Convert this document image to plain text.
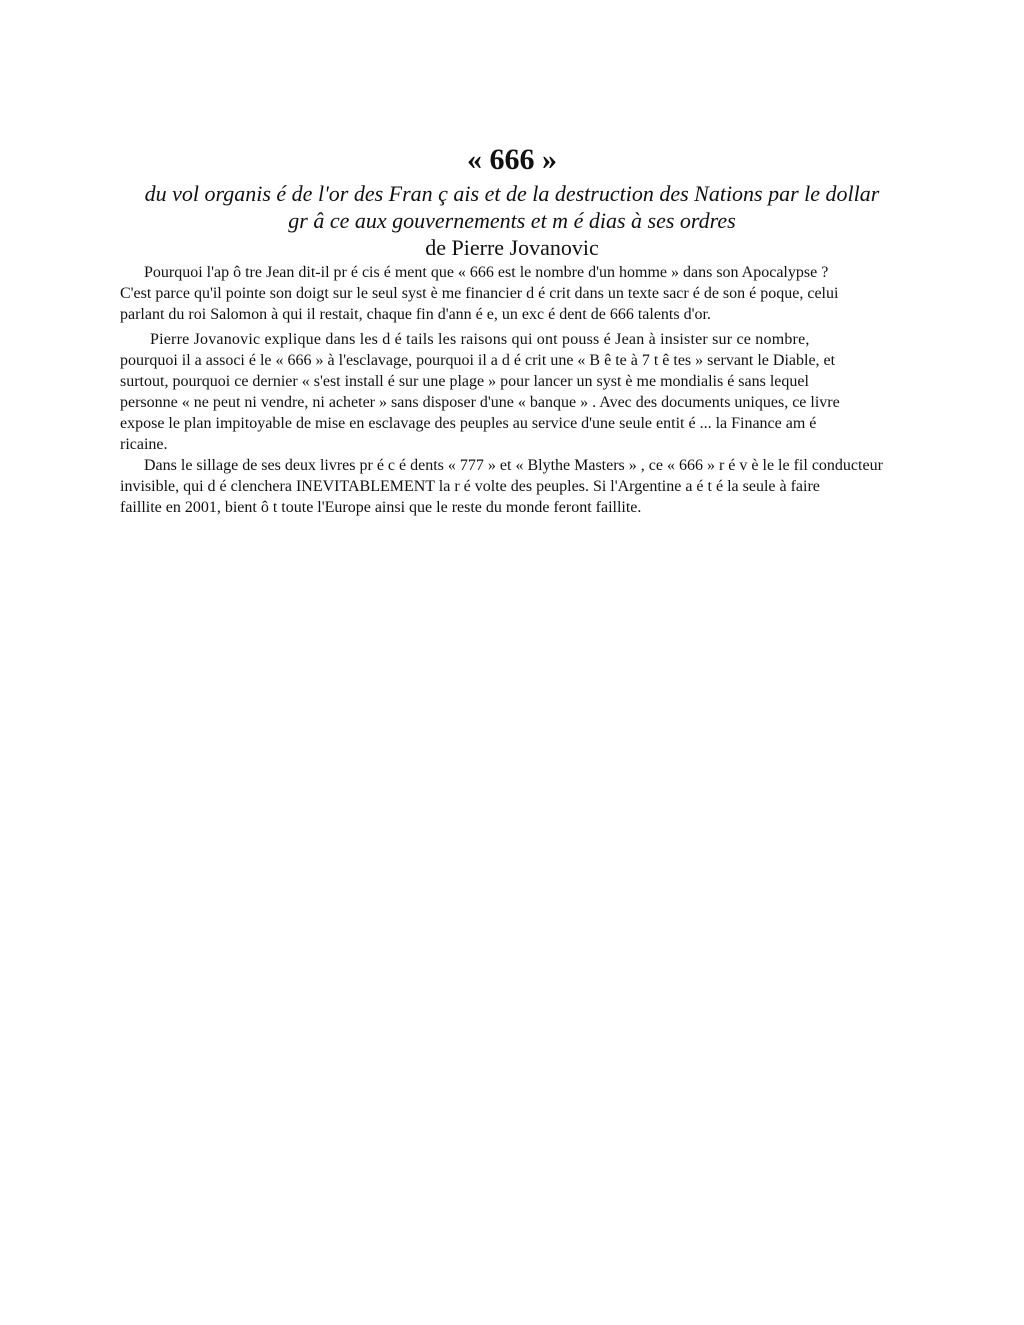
« 666 »

du vol organis é de l'or des Fran ç ais et de la destruction des Nations par le dollar

gr â ce aux gouvernements et m é dias à ses ordres

de Pierre Jovanovic

Pourquoi l'ap ô tre Jean dit-il pr é cis é ment que « 666 est le nombre d'un homme » dans son Apocalypse ?
C'est parce qu'il pointe son doigt sur le seul syst è me financier d é crit dans un texte sacr é de son é poque, celui
parlant du roi Salomon à qui il restait, chaque fin d'ann é e, un exc é dent de 666 talents d'or.

Pierre Jovanovic explique dans les d é tails les raisons qui ont pouss é Jean à insister sur ce nombre,
pourquoi il a associ é le « 666 » à l'esclavage, pourquoi il a d é crit une « B ê te à 7 t ê tes » servant le Diable, et
surtout, pourquoi ce dernier « s'est install é sur une plage » pour lancer un syst è me mondialis é sans lequel
personne « ne peut ni vendre, ni acheter » sans disposer d'une « banque » . Avec des documents uniques, ce livre
expose le plan impitoyable de mise en esclavage des peuples au service d'une seule entit é ... la Finance am é
ricaine.

Dans le sillage de ses deux livres pr é c é dents « 777 » et « Blythe Masters » , ce « 666 » r é v è le le fil conducteur
invisible, qui d é clenchera INEVITABLEMENT la r é volte des peuples. Si l'Argentine a é t é la seule à faire
faillite en 2001, bient ô t toute l'Europe ainsi que le reste du monde feront faillite.
